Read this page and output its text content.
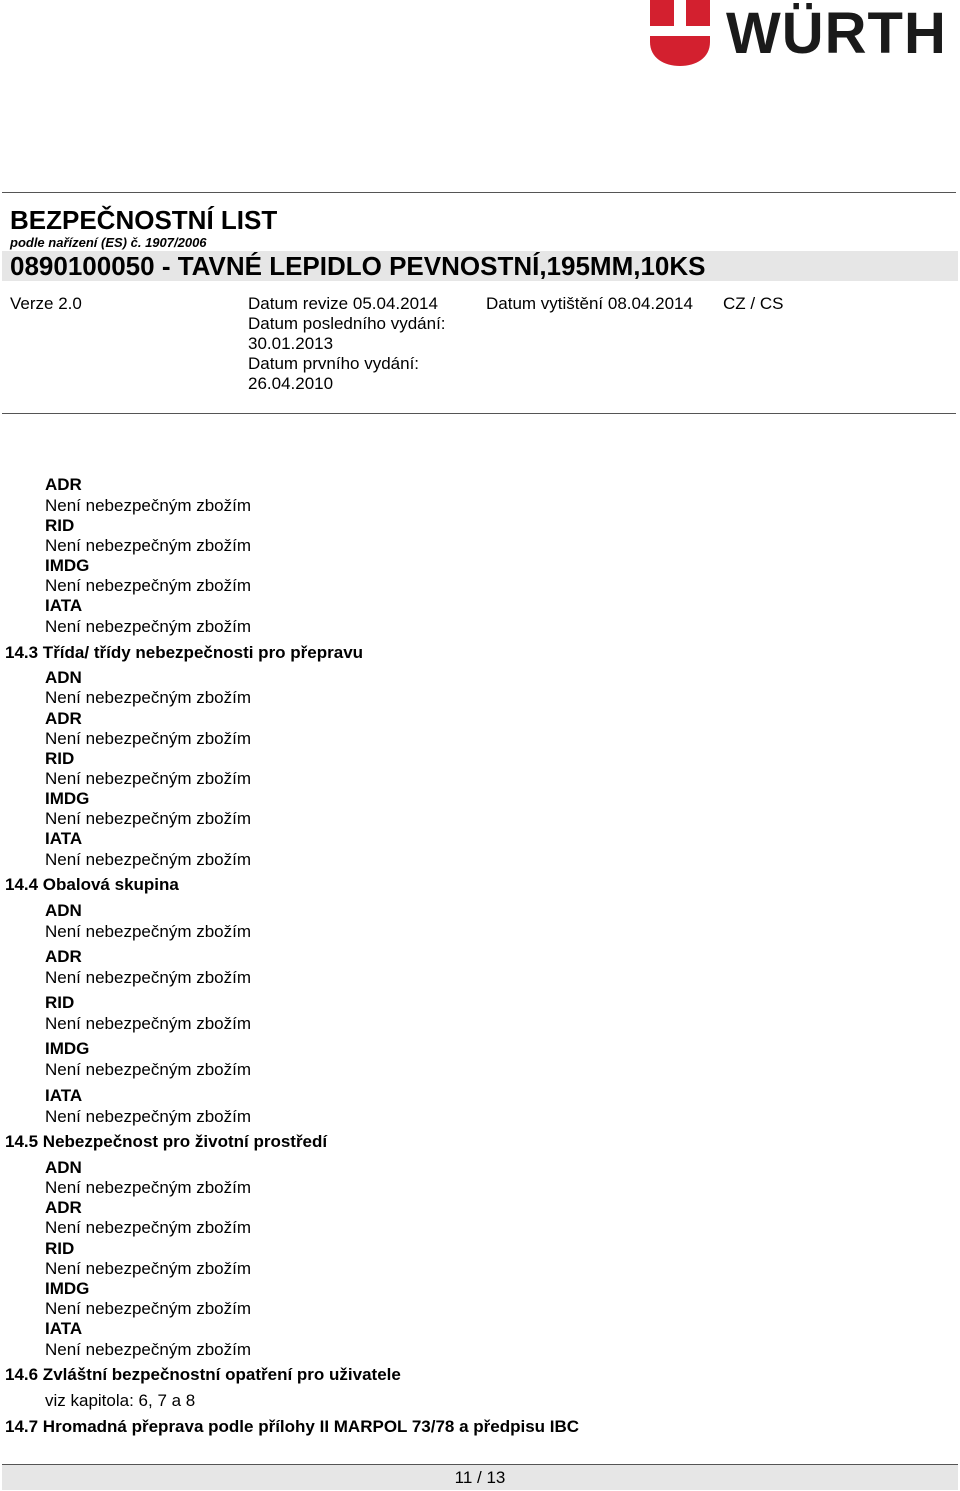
WÜRTH
BEZPEČNOSTNÍ LIST
podle nařízení (ES) č. 1907/2006
0890100050 - TAVNÉ LEPIDLO PEVNOSTNÍ,195MM,10KS
Verze 2.0	Datum revize 05.04.2014
Datum posledního vydání:
30.01.2013
Datum prvního vydání:
26.04.2010
Datum vytištění 08.04.2014 CZ / CS
ADR
Není nebezpečným zbožím
RID
Není nebezpečným zbožím
IMDG
Není nebezpečným zbožím
IATA
Není nebezpečným zbožím
14.3 Třída/ třídy nebezpečnosti pro přepravu
ADN
Není nebezpečným zbožím
ADR
Není nebezpečným zbožím
RID
Není nebezpečným zbožím
IMDG
Není nebezpečným zbožím
IATA
Není nebezpečným zbožím
14.4 Obalová skupina
ADN
Není nebezpečným zbožím
ADR
Není nebezpečným zbožím
RID
Není nebezpečným zbožím
IMDG
Není nebezpečným zbožím
IATA
Není nebezpečným zbožím
14.5 Nebezpečnost pro životní prostředí
ADN
Není nebezpečným zbožím
ADR
Není nebezpečným zbožím
RID
Není nebezpečným zbožím
IMDG
Není nebezpečným zbožím
IATA
Není nebezpečným zbožím
14.6 Zvláštní bezpečnostní opatření pro uživatele
viz kapitola: 6, 7 a 8
14.7 Hromadná přeprava podle přílohy II MARPOL 73/78 a předpisu IBC
11 / 13
